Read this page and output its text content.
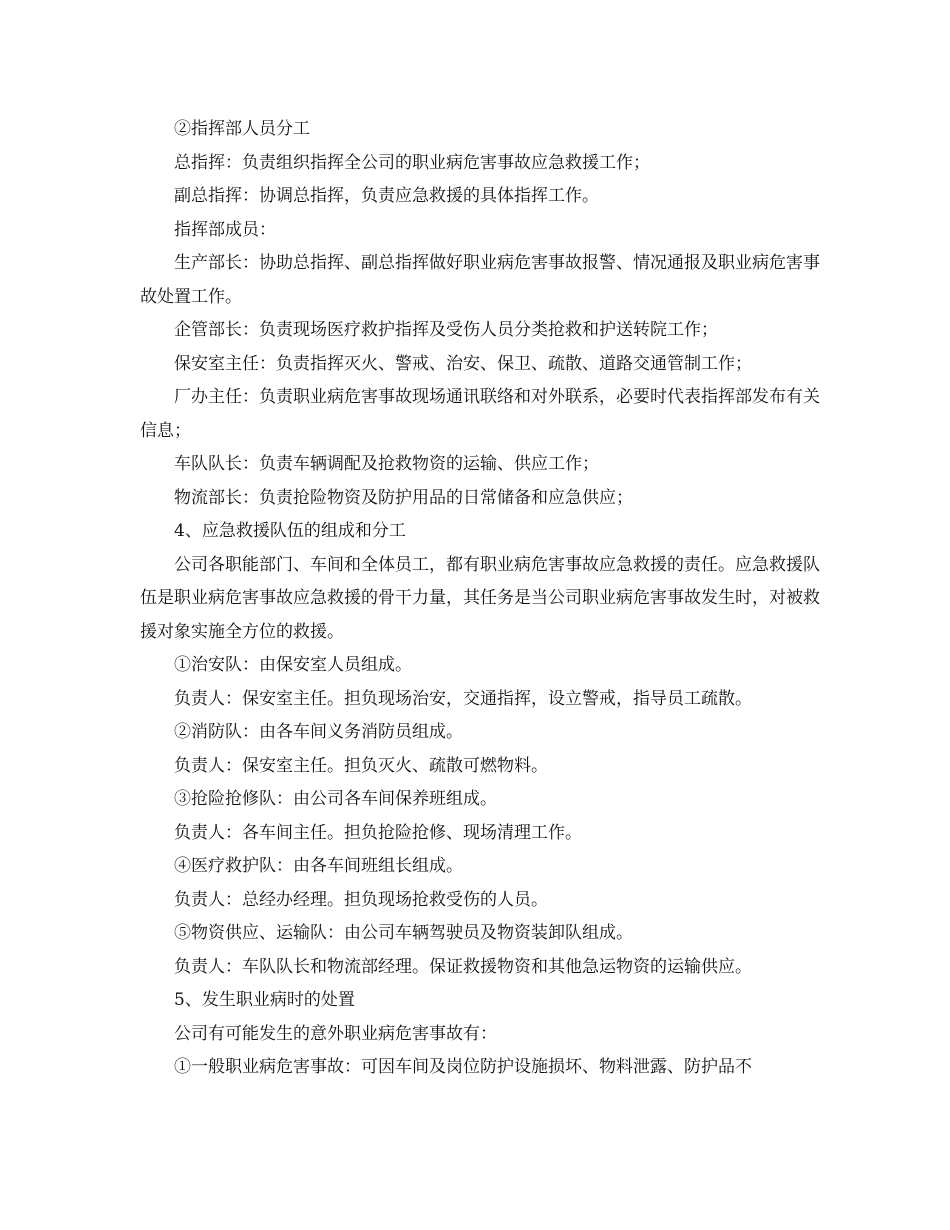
②指挥部人员分工

总指挥：负责组织指挥全公司的职业病危害事故应急救援工作；

副总指挥：协调总指挥，负责应急救援的具体指挥工作。

指挥部成员：

生产部长：协助总指挥、副总指挥做好职业病危害事故报警、情况通报及职业病危害事故处置工作。

企管部长：负责现场医疗救护指挥及受伤人员分类抢救和护送转院工作；

保安室主任：负责指挥灭火、警戒、治安、保卫、疏散、道路交通管制工作；

厂办主任：负责职业病危害事故现场通讯联络和对外联系，必要时代表指挥部发布有关信息；

车队队长：负责车辆调配及抢救物资的运输、供应工作；

物流部长：负责抢险物资及防护用品的日常储备和应急供应；

4、应急救援队伍的组成和分工

公司各职能部门、车间和全体员工，都有职业病危害事故应急救援的责任。应急救援队伍是职业病危害事故应急救援的骨干力量，其任务是当公司职业病危害事故发生时，对被救援对象实施全方位的救援。

①治安队：由保安室人员组成。

负责人：保安室主任。担负现场治安，交通指挥，设立警戒，指导员工疏散。

②消防队：由各车间义务消防员组成。

负责人：保安室主任。担负灭火、疏散可燃物料。

③抢险抢修队：由公司各车间保养班组成。

负责人：各车间主任。担负抢险抢修、现场清理工作。

④医疗救护队：由各车间班组长组成。

负责人：总经办经理。担负现场抢救受伤的人员。

⑤物资供应、运输队：由公司车辆驾驶员及物资装卸队组成。

负责人：车队队长和物流部经理。保证救援物资和其他急运物资的运输供应。

5、发生职业病时的处置

公司有可能发生的意外职业病危害事故有：

①一般职业病危害事故：可因车间及岗位防护设施损坏、物料泄露、防护品不
